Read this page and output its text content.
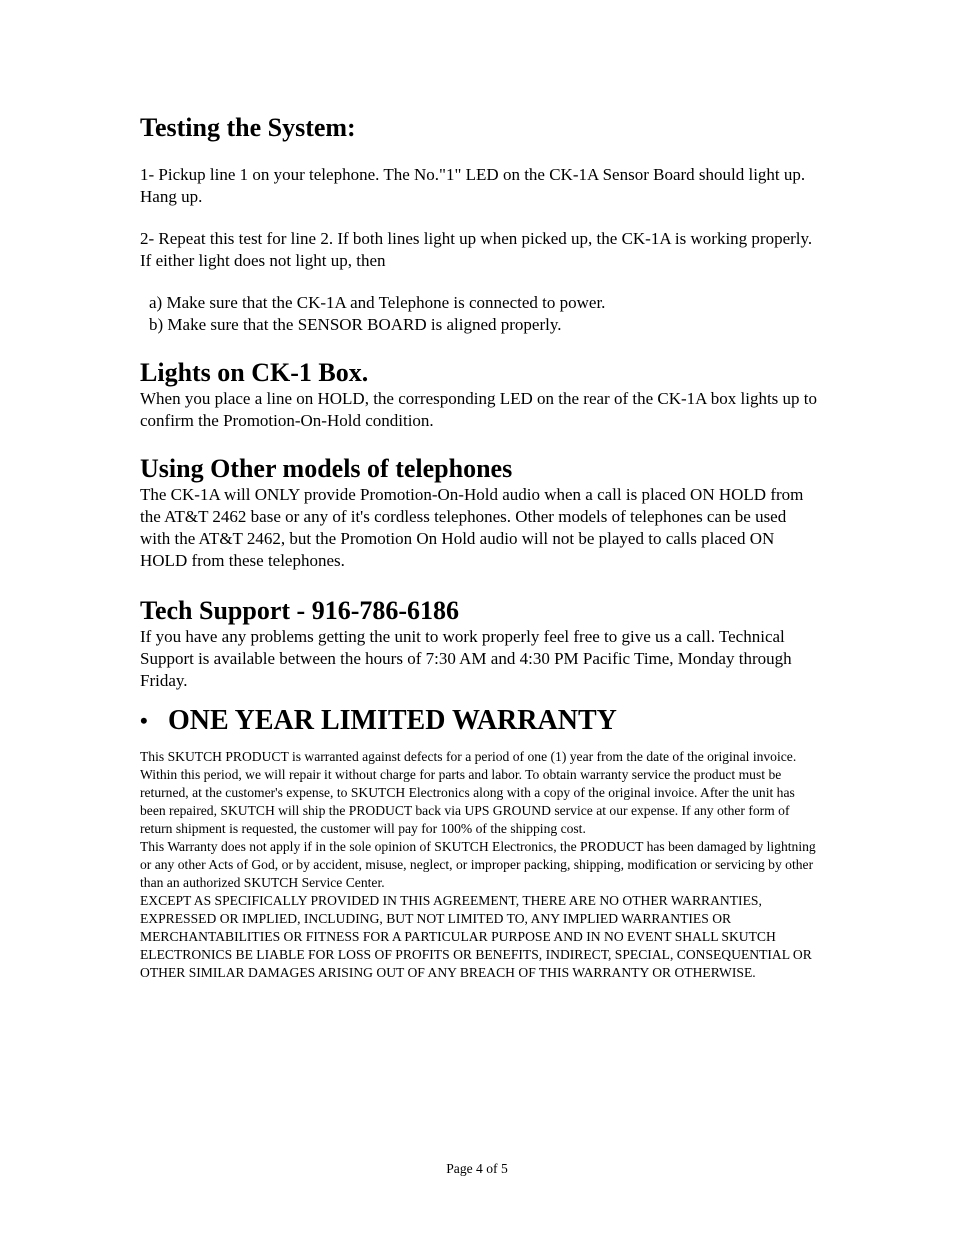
Testing the System:

1- Pickup line 1 on your telephone. The No."1" LED on the CK-1A Sensor Board should light up. Hang up.

2- Repeat this test for line 2. If both lines light up when picked up, the CK-1A is working properly. If either light does not light up, then

a) Make sure that the CK-1A and Telephone is connected to power.

b) Make sure that the SENSOR BOARD is aligned properly.

Lights on CK-1 Box.

When you place a line on HOLD, the corresponding LED on the rear of the CK-1A box lights up to confirm the Promotion-On-Hold condition.

Using Other models of telephones

The CK-1A will ONLY provide Promotion-On-Hold audio when a call is placed ON HOLD from the AT&T 2462 base or any of it's cordless telephones. Other models of telephones can be used with the AT&T 2462, but the Promotion On Hold audio will not be played to calls placed ON HOLD from these telephones.

Tech Support - 916-786-6186

If you have any problems getting the unit to work properly feel free to give us a call. Technical Support is available between the hours of 7:30 AM and 4:30 PM Pacific Time, Monday through Friday.

• ONE YEAR LIMITED WARRANTY

This SKUTCH PRODUCT is warranted against defects for a period of one (1) year from the date of the original invoice. Within this period, we will repair it without charge for parts and labor. To obtain warranty service the product must be returned, at the customer's expense, to SKUTCH Electronics along with a copy of the original invoice. After the unit has been repaired, SKUTCH will ship the PRODUCT back via UPS GROUND service at our expense. If any other form of return shipment is requested, the customer will pay for 100% of the shipping cost.

This Warranty does not apply if in the sole opinion of SKUTCH Electronics, the PRODUCT has been damaged by lightning or any other Acts of God, or by accident, misuse, neglect, or improper packing, shipping, modification or servicing by other than an authorized SKUTCH Service Center.

EXCEPT AS SPECIFICALLY PROVIDED IN THIS AGREEMENT, THERE ARE NO OTHER WARRANTIES, EXPRESSED OR IMPLIED, INCLUDING, BUT NOT LIMITED TO, ANY IMPLIED WARRANTIES OR MERCHANTABILITIES OR FITNESS FOR A PARTICULAR PURPOSE AND IN NO EVENT SHALL SKUTCH ELECTRONICS BE LIABLE FOR LOSS OF PROFITS OR BENEFITS, INDIRECT, SPECIAL, CONSEQUENTIAL OR OTHER SIMILAR DAMAGES ARISING OUT OF ANY BREACH OF THIS WARRANTY OR OTHERWISE.

Page 4 of 5
